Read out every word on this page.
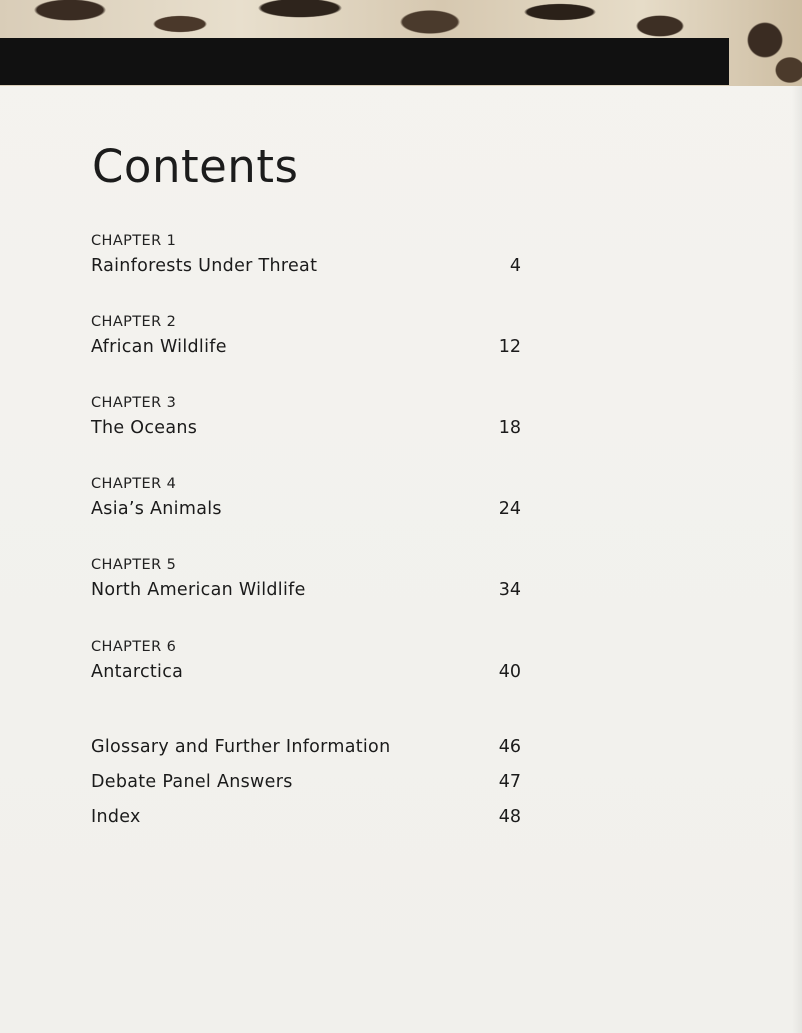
Contents
CHAPTER 1
Rainforests Under Threat	4
CHAPTER 2
African Wildlife	12
CHAPTER 3
The Oceans	18
CHAPTER 4
Asia’s Animals	24
CHAPTER 5
North American Wildlife	34
CHAPTER 6
Antarctica	40
Glossary and Further Information	46
Debate Panel Answers	47
Index	48
